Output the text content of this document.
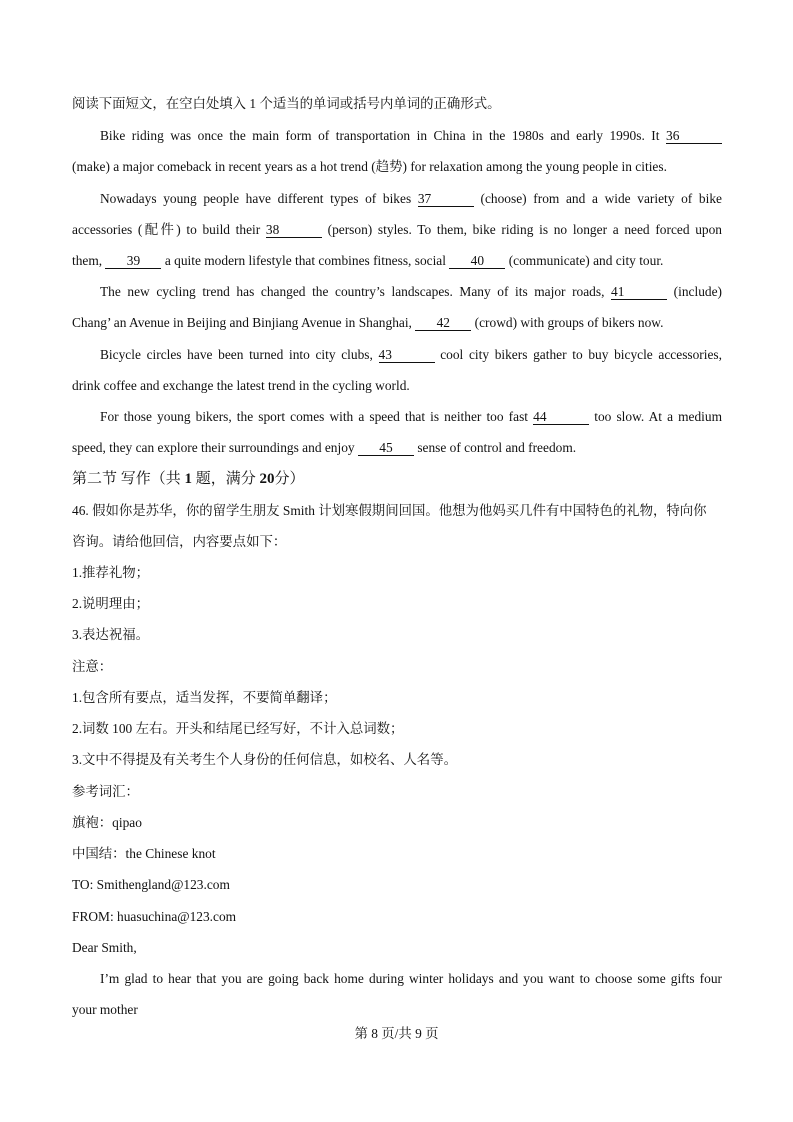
阅读下面短文，在空白处填入 1 个适当的单词或括号内单词的正确形式。
Bike riding was once the main form of transportation in China in the 1980s and early 1990s. It 36
(make) a major comeback in recent years as a hot trend (趋势) for relaxation among the young people in cities.
Nowadays young people have different types of bikes 37	(choose) from and a wide variety of bike
accessories (配件) to build their 38	(person) styles. To them, bike riding is no longer a need forced upon
them, 39 a quite modern lifestyle that combines fitness, social 40 (communicate) and city tour.
The new cycling trend has changed the country’s landscapes. Many of its major roads, 41	(include)
Chang’ an Avenue in Beijing and Binjiang Avenue in Shanghai, 42 (crowd) with groups of bikers now.
Bicycle circles have been turned into city clubs, 43	cool city bikers gather to buy bicycle accessories,
drink coffee and exchange the latest trend in the cycling world.
For those young bikers, the sport comes with a speed that is neither too fast 44	too slow. At a medium
speed, they can explore their surroundings and enjoy 45 sense of control and freedom.
第二节 写作（共 1 题，满分 20分）
46. 假如你是苏华，你的留学生朋友 Smith 计划寒假期间回国。他想为他妈买几件有中国特色的礼物，特向你
咨询。请给他回信，内容要点如下：
1.推荐礼物；
2.说明理由；
3.表达祝福。
注意：
1.包含所有要点，适当发挥，不要简单翻译；
2.词数 100 左右。开头和结尾已经写好，不计入总词数；
3.文中不得提及有关考生个人身份的任何信息，如校名、人名等。
参考词汇：
旗袍：qipao
中国结：the Chinese knot
TO: Smithengland@123.com
FROM: huasuchina@123.com
Dear Smith,
I’m glad to hear that you are going back home during winter holidays and you want to choose some gifts four
your mother
第 8 页/共 9 页
